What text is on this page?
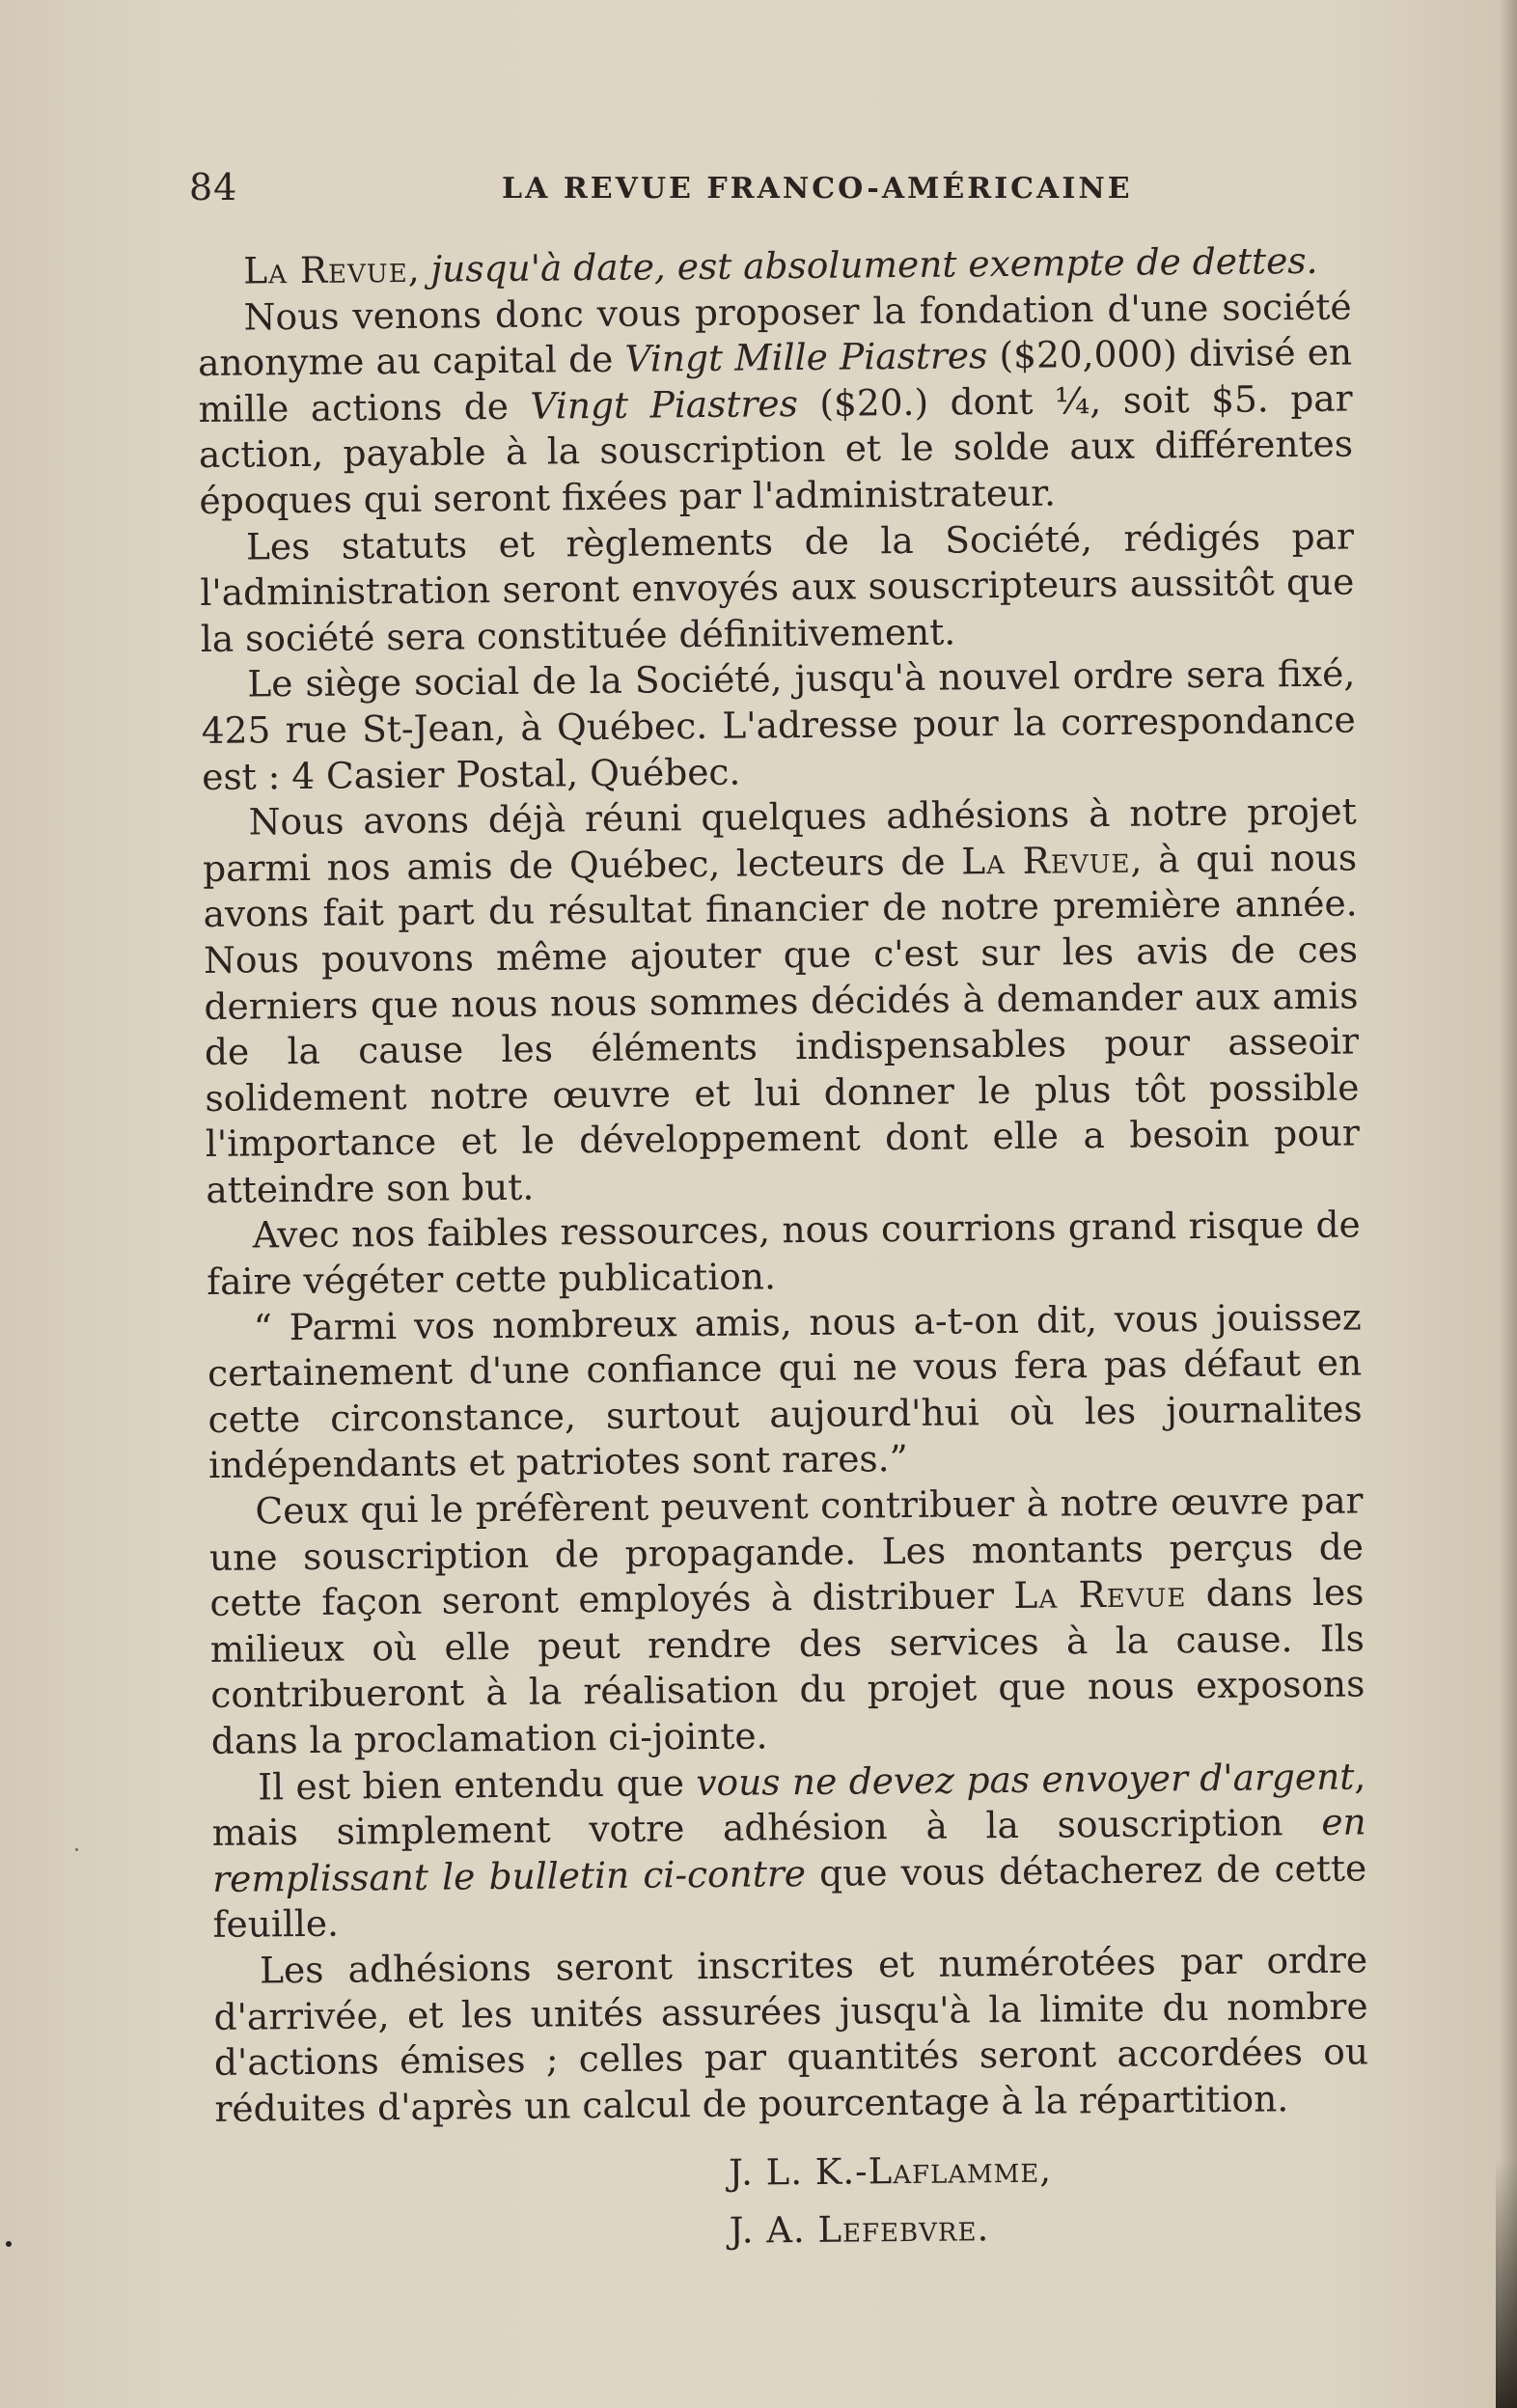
84	LA REVUE FRANCO-AMÉRICAINE

La Revue, jusqu'à date, est absolument exempte de dettes.

Nous venons donc vous proposer la fondation d'une société anonyme au capital de Vingt Mille Piastres ($20,000) divisé en mille actions de Vingt Piastres ($20.) dont ¼, soit $5. par action, payable à la souscription et le solde aux différentes époques qui seront fixées par l'administrateur.

Les statuts et règlements de la Société, rédigés par l'administration seront envoyés aux souscripteurs aussitôt que la société sera constituée définitivement.

Le siège social de la Société, jusqu'à nouvel ordre sera fixé, 425 rue St-Jean, à Québec. L'adresse pour la correspondance est : 4 Casier Postal, Québec.

Nous avons déjà réuni quelques adhésions à notre projet parmi nos amis de Québec, lecteurs de La Revue, à qui nous avons fait part du résultat financier de notre première année. Nous pouvons même ajouter que c'est sur les avis de ces derniers que nous nous sommes décidés à demander aux amis de la cause les éléments indispensables pour asseoir solidement notre œuvre et lui donner le plus tôt possible l'importance et le développement dont elle a besoin pour atteindre son but.

Avec nos faibles ressources, nous courrions grand risque de faire végéter cette publication.

“ Parmi vos nombreux amis, nous a-t-on dit, vous jouissez certainement d'une confiance qui ne vous fera pas défaut en cette circonstance, surtout aujourd'hui où les journalites indépendants et patriotes sont rares.”

Ceux qui le préfèrent peuvent contribuer à notre œuvre par une souscription de propagande. Les montants perçus de cette façon seront employés à distribuer La Revue dans les milieux où elle peut rendre des services à la cause. Ils contribueront à la réalisation du projet que nous exposons dans la proclamation ci-jointe.

Il est bien entendu que vous ne devez pas envoyer d'argent, mais simplement votre adhésion à la souscription en remplissant le bulletin ci-contre que vous détacherez de cette feuille.

Les adhésions seront inscrites et numérotées par ordre d'arrivée, et les unités assurées jusqu'à la limite du nombre d'actions émises ; celles par quantités seront accordées ou réduites d'après un calcul de pourcentage à la répartition.

J. L. K.-Laflamme,
J. A. Lefebvre.
